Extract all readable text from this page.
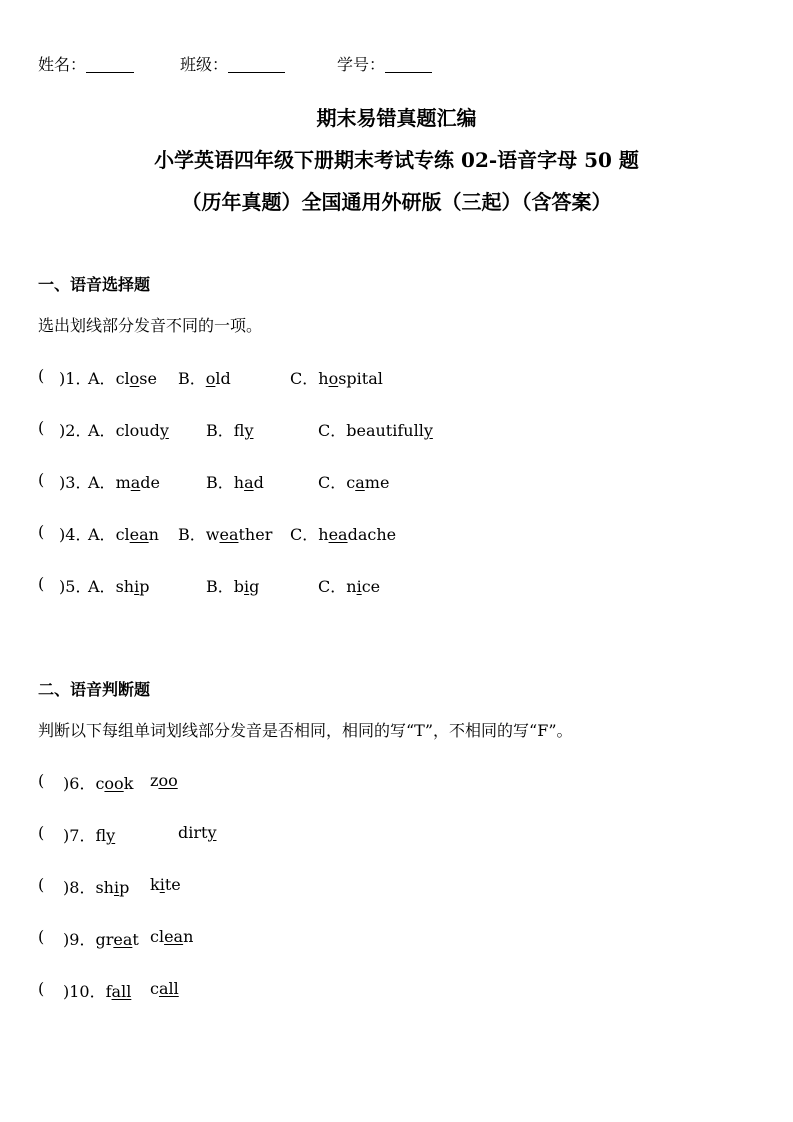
姓名：	班级：	学号：
期末易错真题汇编
小学英语四年级下册期末考试专练 02-语音字母 50 题
（历年真题）全国通用外研版（三起）（含答案）
一、语音选择题
选出划线部分发音不同的一项。
( )1．
A．close B．old	C．hospital
( )2．
A．cloudy B．fly	C．beautifully
( )3．
A．made	B．had	C．came
( )4．
A．clean B．weather C．headache
( )5．
A．ship	B．big	C．nice
二、语音判断题
判断以下每组单词划线部分发音是否相同，相同的写“T”，不相同的写“F”。
( )6．cook zoo
( )7．fly	dirty
( )8．ship kite
( )9．great clean
( )10．fall call
